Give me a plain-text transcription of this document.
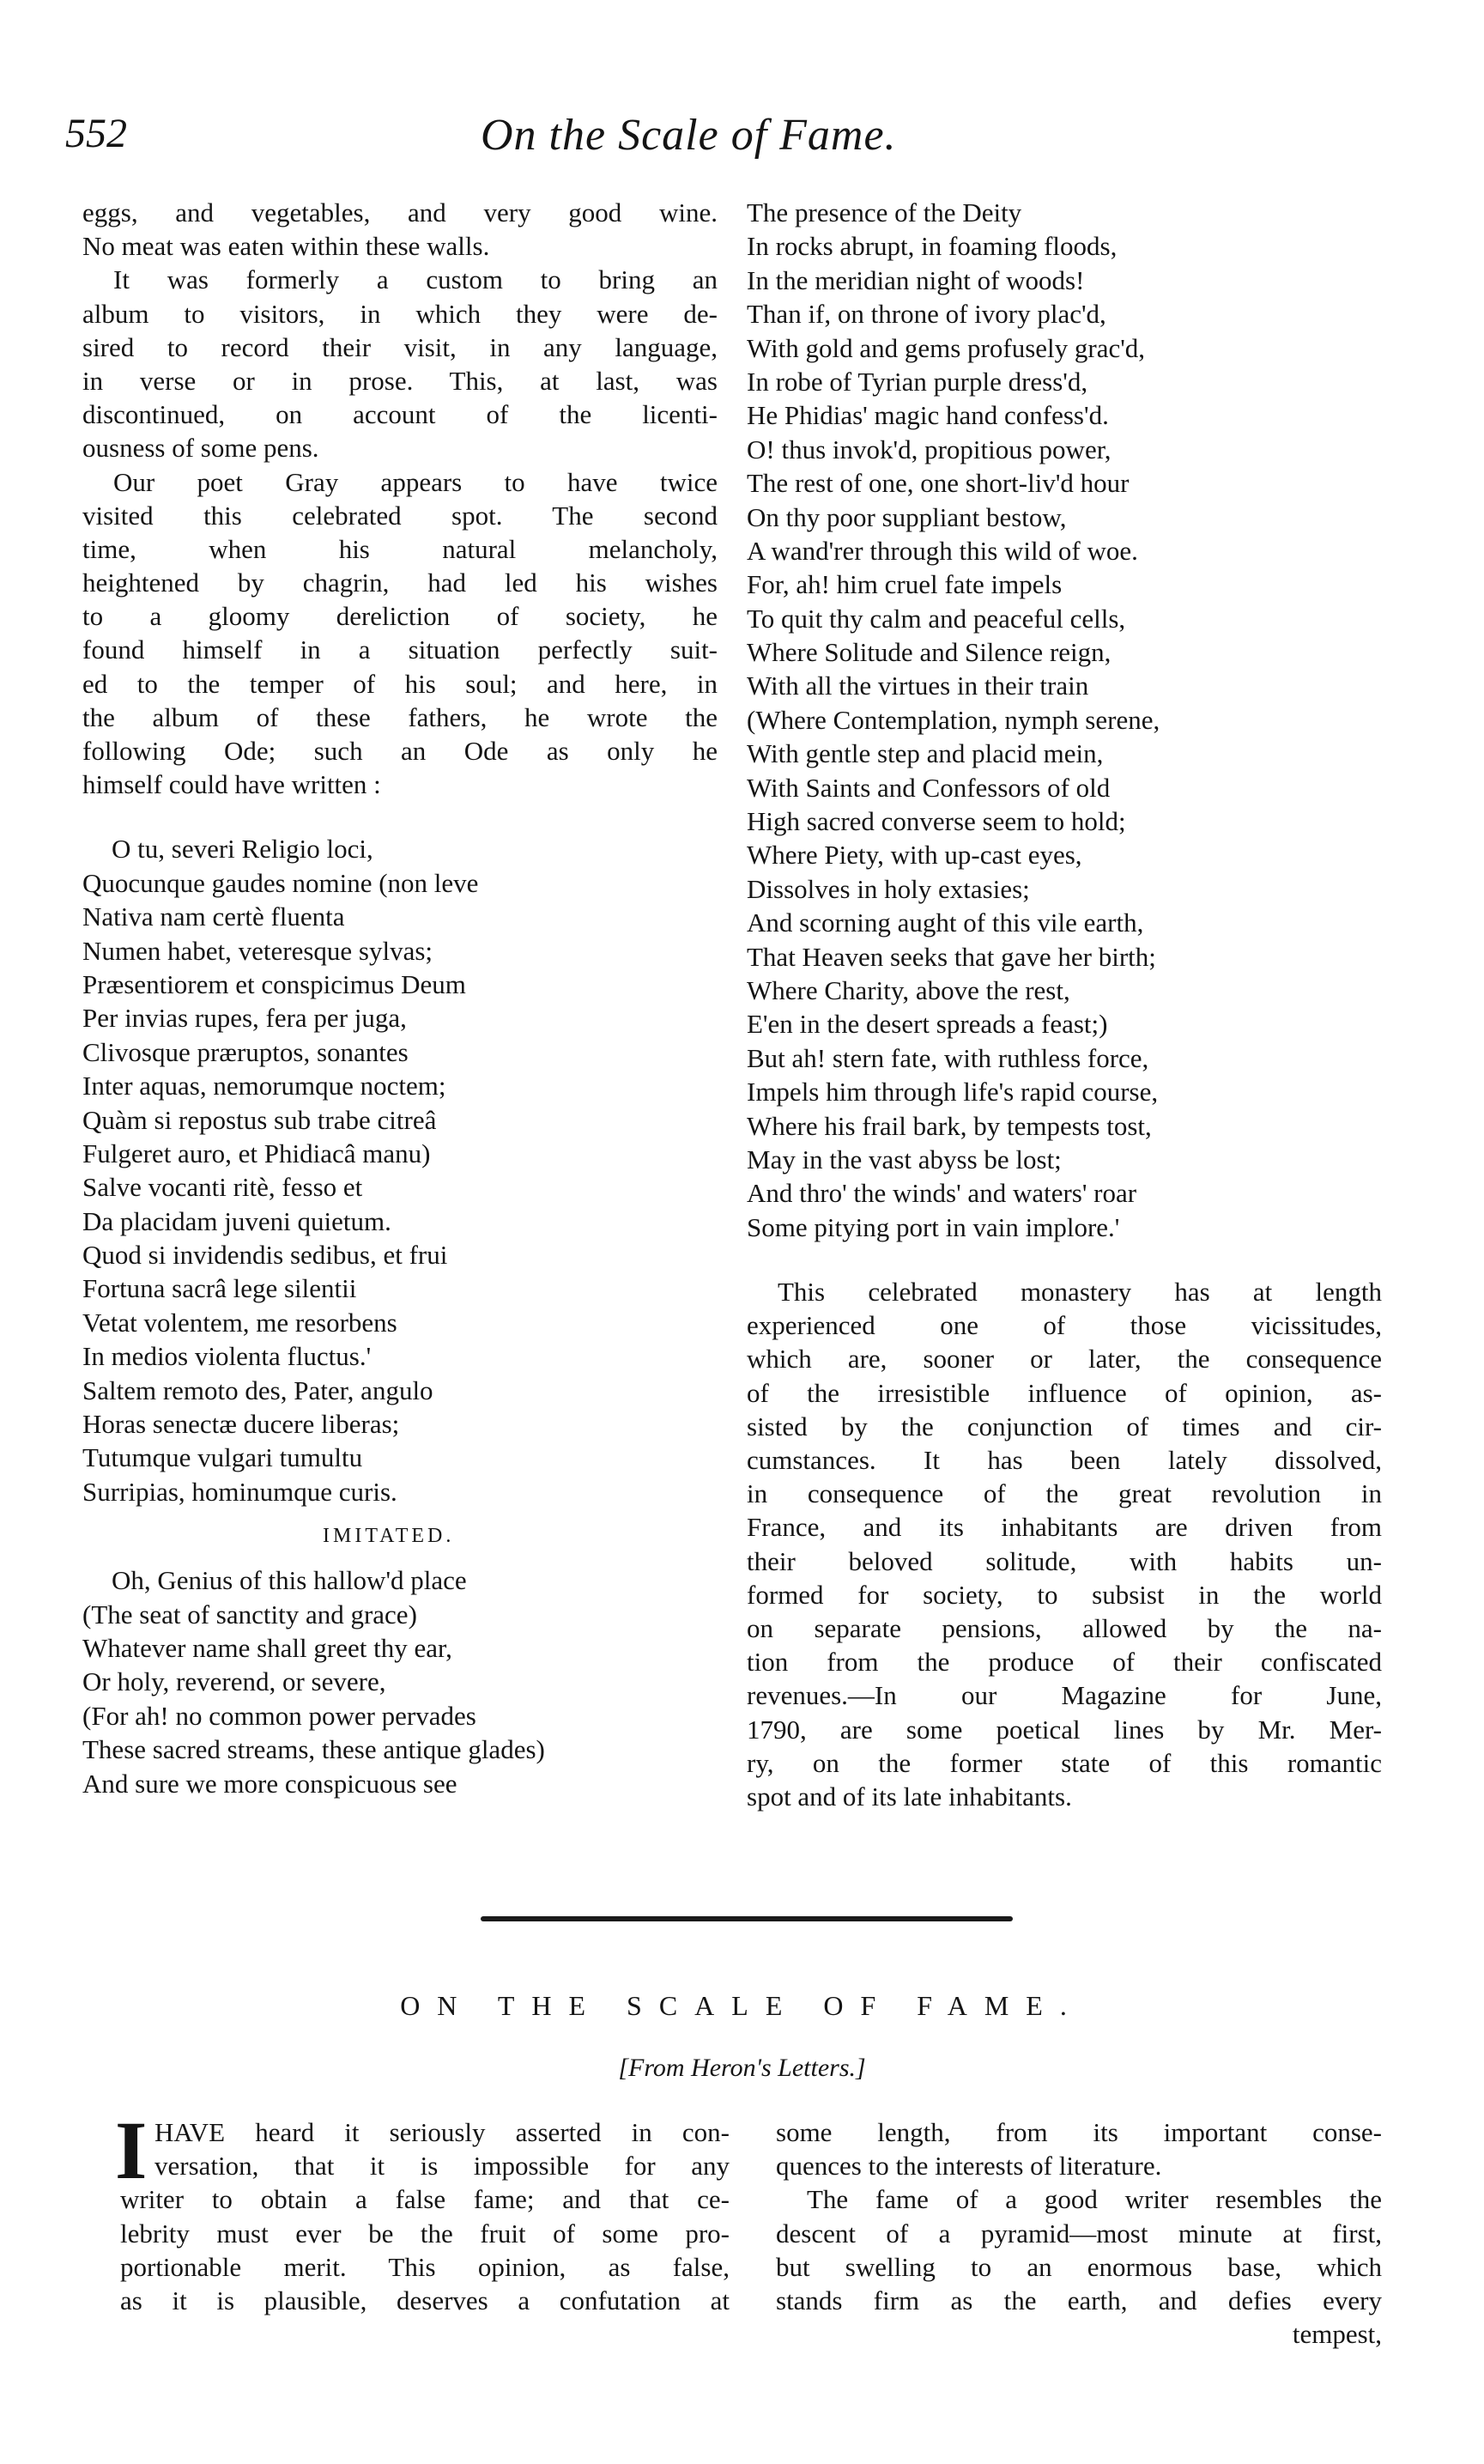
552	On the Scale of Fame.
eggs, and vegetables, and very good wine.
No meat was eaten within these walls.
It was formerly a custom to bring an
album to visitors, in which they were de-
sired to record their visit, in any language,
in verse or in prose. This, at last, was
discontinued, on account of the licenti-
ousness of some pens.
Our poet Gray appears to have twice
visited this celebrated spot. The second
time, when his natural melancholy,
heightened by chagrin, had led his wishes
to a gloomy dereliction of society, he
found himself in a situation perfectly suit-
ed to the temper of his soul; and here, in
the album of these fathers, he wrote the
following Ode; such an Ode as only he
himself could have written :
O tu, severi Religio loci,
Quocunque gaudes nomine (non leve
Nativa nam certè fluenta
Numen habet, veteresque sylvas;
Præsentiorem et conspicimus Deum
Per invias rupes, fera per juga,
Clivosque præruptos, sonantes
Inter aquas, nemorumque noctem;
Quàm si repostus sub trabe citreâ
Fulgeret auro, et Phidiacâ manu)
Salve vocanti ritè, fesso et
Da placidam juveni quietum.
Quod si invidendis sedibus, et frui
Fortuna sacrâ lege silentii
Vetat volentem, me resorbens
In medios violenta fluctus.'
Saltem remoto des, Pater, angulo
Horas senectæ ducere liberas;
Tutumque vulgari tumultu
Surripias, hominumque curis.
IMITATED.
Oh, Genius of this hallow'd place
(The seat of sanctity and grace)
Whatever name shall greet thy ear,
Or holy, reverend, or severe,
(For ah! no common power pervades
These sacred streams, these antique glades)
And sure we more conspicuous see
The presence of the Deity
In rocks abrupt, in foaming floods,
In the meridian night of woods!
Than if, on throne of ivory plac'd,
With gold and gems profusely grac'd,
In robe of Tyrian purple dress'd,
He Phidias' magic hand confess'd.
O! thus invok'd, propitious power,
The rest of one, one short-liv'd hour
On thy poor suppliant bestow,
A wand'rer through this wild of woe.
For, ah! him cruel fate impels
To quit thy calm and peaceful cells,
Where Solitude and Silence reign,
With all the virtues in their train
(Where Contemplation, nymph serene,
With gentle step and placid mein,
With Saints and Confessors of old
High sacred converse seem to hold;
Where Piety, with up-cast eyes,
Dissolves in holy extasies;
And scorning aught of this vile earth,
That Heaven seeks that gave her birth;
Where Charity, above the rest,
E'en in the desert spreads a feast;)
But ah! stern fate, with ruthless force,
Impels him through life's rapid course,
Where his frail bark, by tempests tost,
May in the vast abyss be lost;
And thro' the winds' and waters' roar
Some pitying port in vain implore.'
This celebrated monastery has at length
experienced one of those vicissitudes,
which are, sooner or later, the consequence
of the irresistible influence of opinion, as-
sisted by the conjunction of times and cir-
cumstances. It has been lately dissolved,
in consequence of the great revolution in
France, and its inhabitants are driven from
their beloved solitude, with habits un-
formed for society, to subsist in the world
on separate pensions, allowed by the na-
tion from the produce of their confiscated
revenues.—In our Magazine for June,
1790, are some poetical lines by Mr. Mer-
ry, on the former state of this romantic
spot and of its late inhabitants.
ON THE SCALE OF FAME.
[From Heron's Letters.]
I HAVE heard it seriously asserted in con-
versation, that it is impossible for any
writer to obtain a false fame; and that ce-
lebrity must ever be the fruit of some pro-
portionable merit. This opinion, as false,
as it is plausible, deserves a confutation at
some length, from its important conse-
quences to the interests of literature.
The fame of a good writer resembles the
descent of a pyramid—most minute at first,
but swelling to an enormous base, which
stands firm as the earth, and defies every
tempest,
